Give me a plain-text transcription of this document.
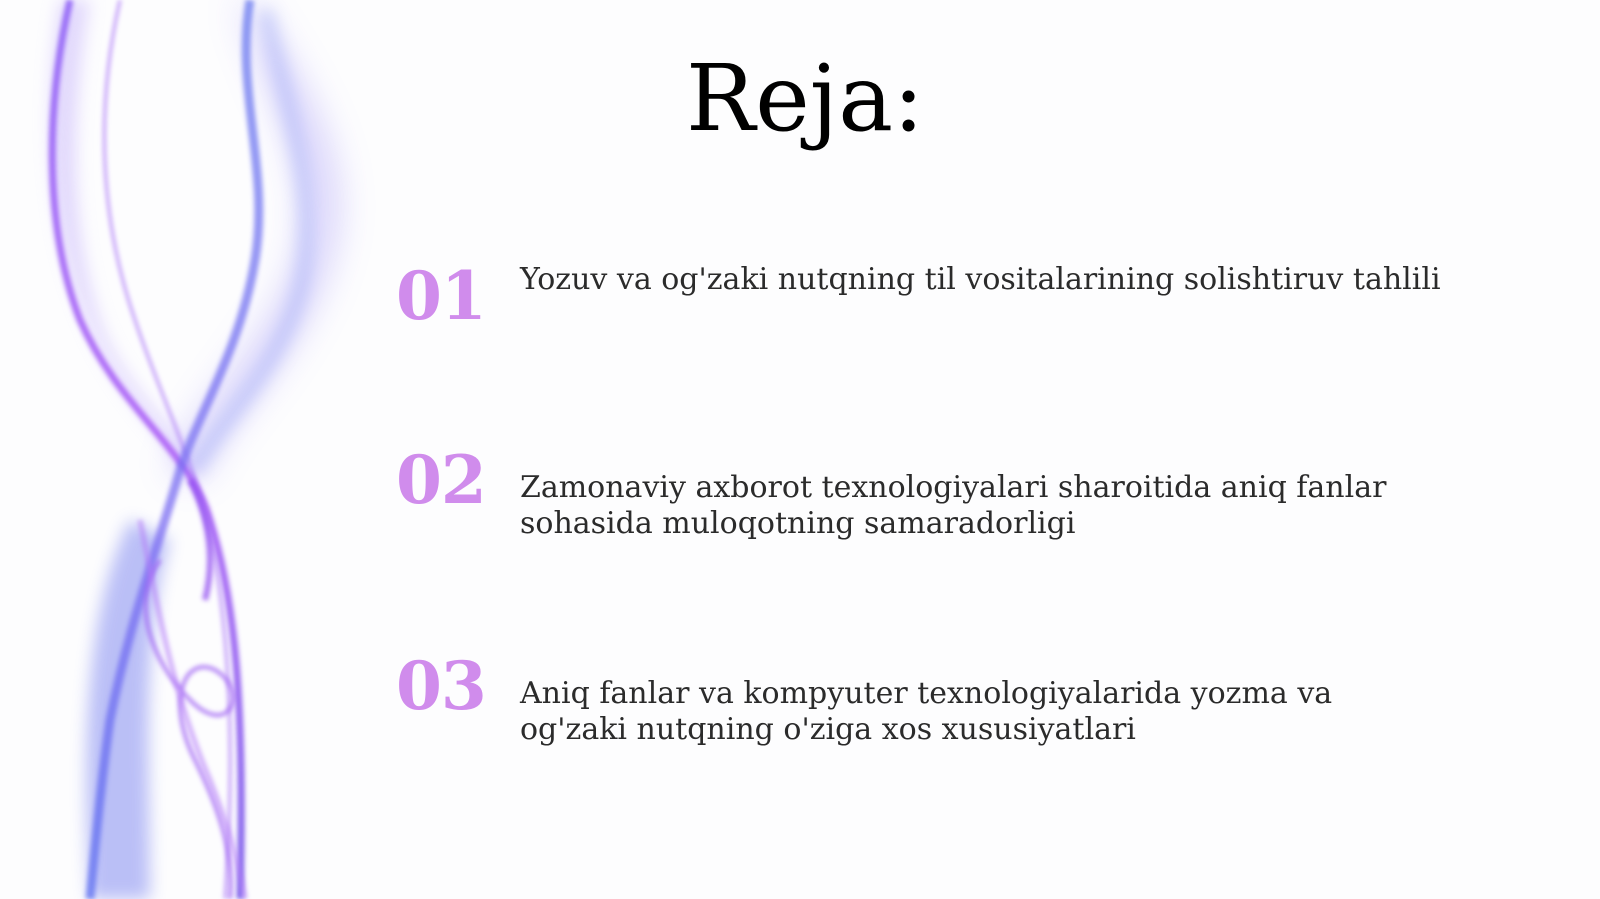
Reja:
01 Yozuv va og'zaki nutqning til vositalarining solishtiruv tahlili
02 Zamonaviy axborot texnologiyalari sharoitida aniq fanlar sohasida muloqotning samaradorligi
03 Aniq fanlar va kompyuter texnologiyalarida yozma va og'zaki nutqning o'ziga xos xususiyatlari
